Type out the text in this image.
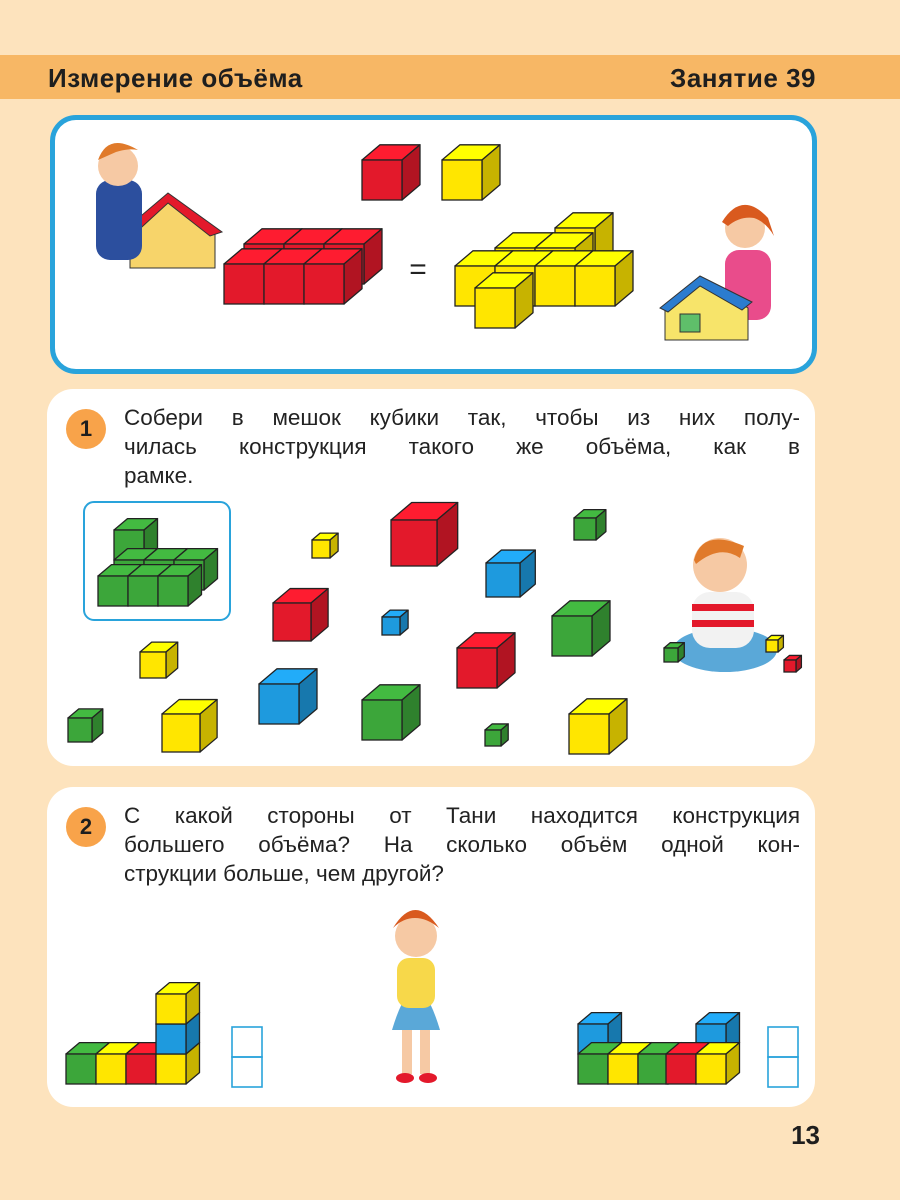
Измерение объёма	Занятие 39
=
1	Собери в мешок кубики так, чтобы из них полу-
чилась конструкция такого же объёма, как в
рамке.
2	С какой стороны от Тани находится конструкция
большего объёма? На сколько объём одной кон-
струкции больше, чем другой?
13
